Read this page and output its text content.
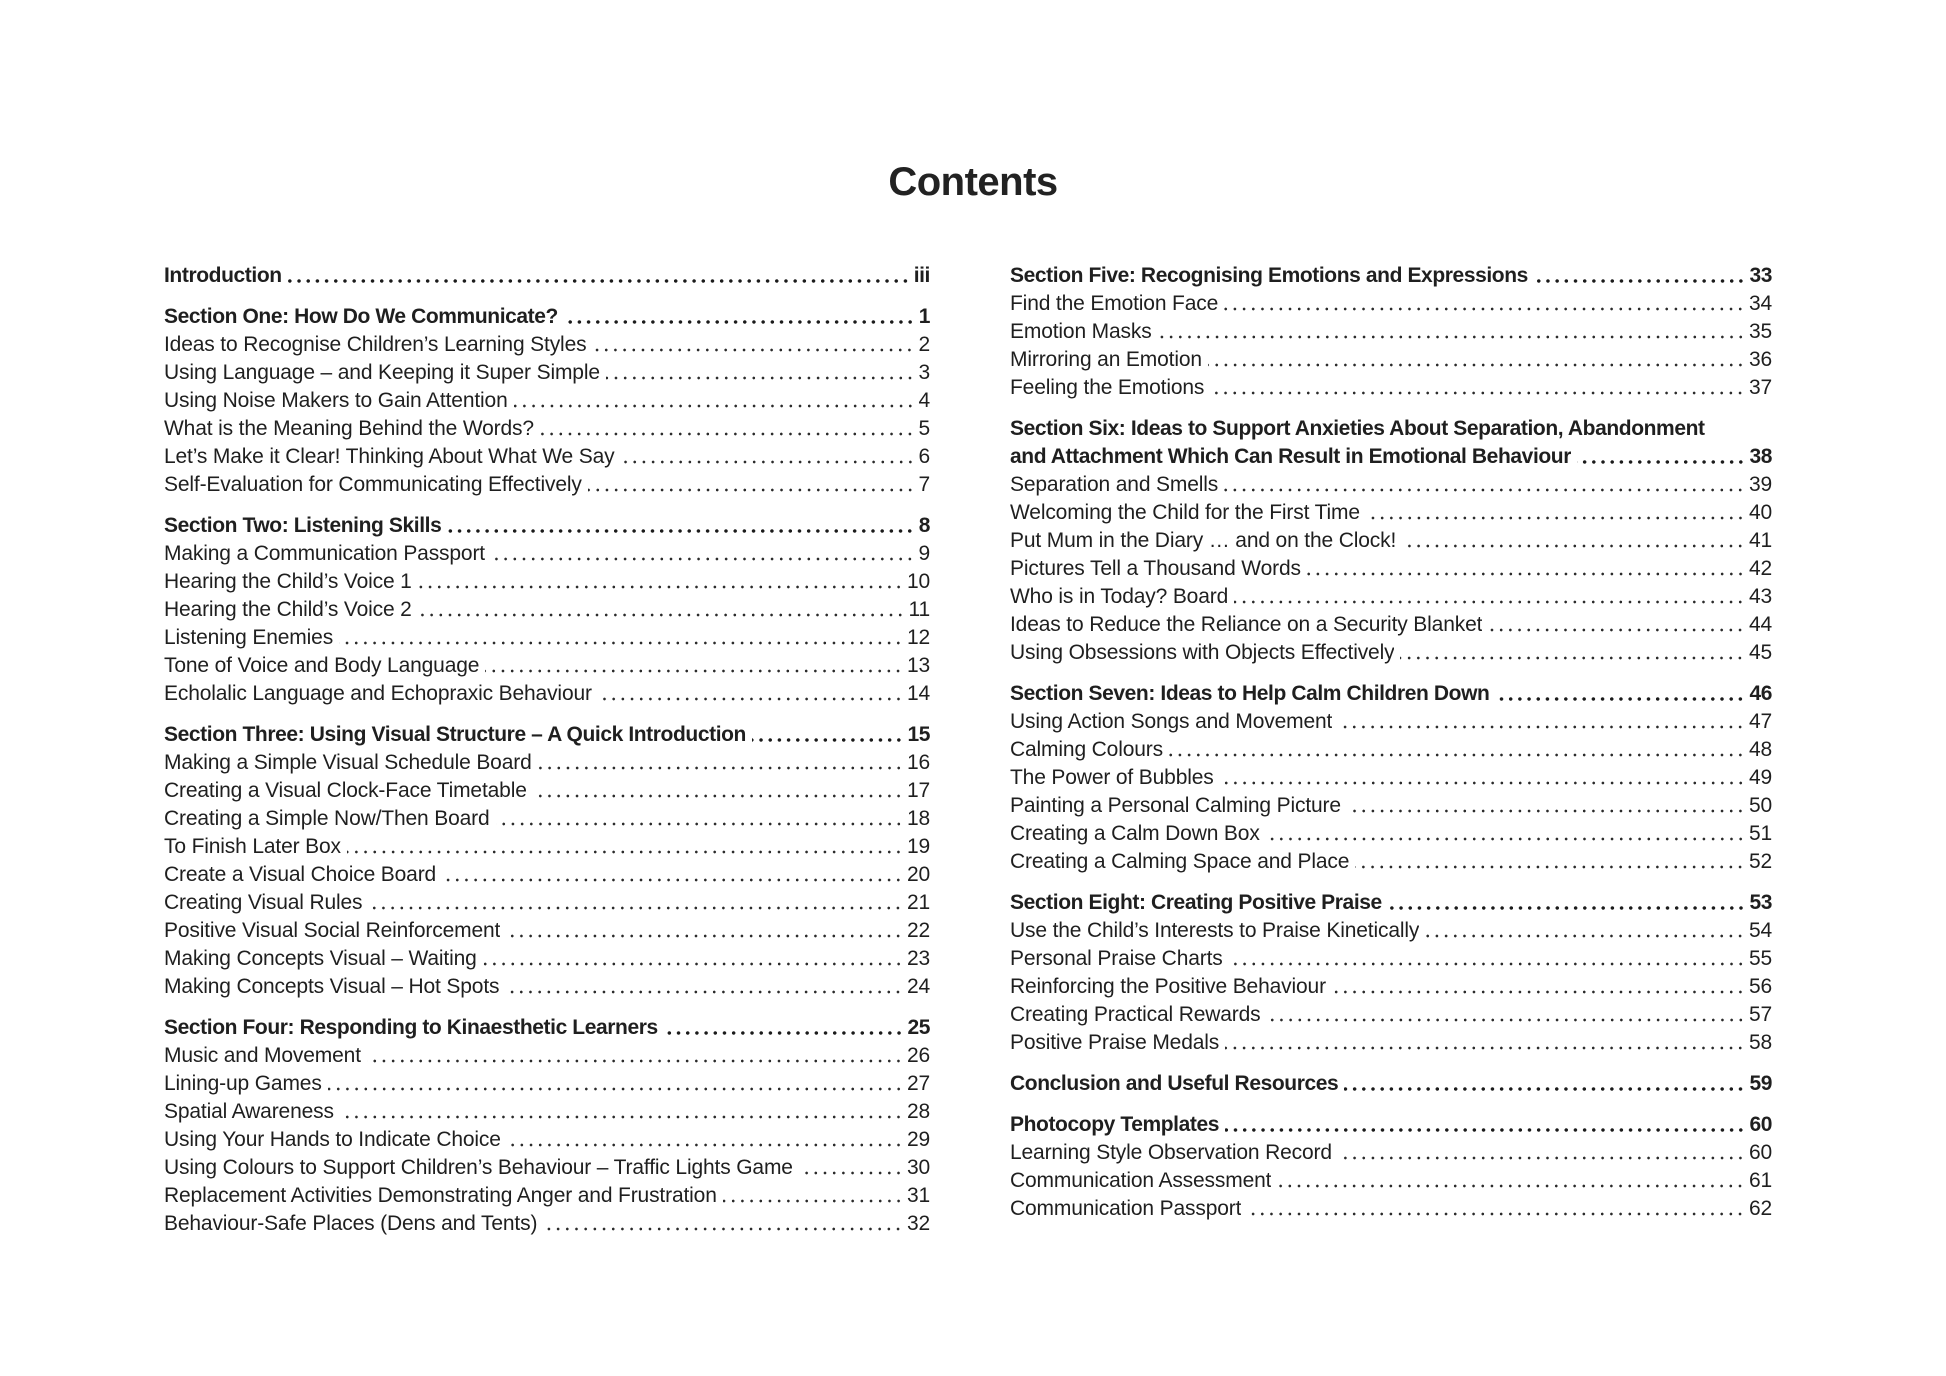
Contents
Introduction	iii
Section One: How Do We Communicate?	1
Ideas to Recognise Children’s Learning Styles	2
Using Language – and Keeping it Super Simple	3
Using Noise Makers to Gain Attention	4
What is the Meaning Behind the Words?	5
Let’s Make it Clear! Thinking About What We Say	6
Self-Evaluation for Communicating Effectively	7
Section Two: Listening Skills	8
Making a Communication Passport	9
Hearing the Child’s Voice 1	10
Hearing the Child’s Voice 2	11
Listening Enemies	12
Tone of Voice and Body Language	13
Echolalic Language and Echopraxic Behaviour	14
Section Three: Using Visual Structure – A Quick Introduction	15
Making a Simple Visual Schedule Board	16
Creating a Visual Clock-Face Timetable	17
Creating a Simple Now/Then Board	18
To Finish Later Box	19
Create a Visual Choice Board	20
Creating Visual Rules	21
Positive Visual Social Reinforcement	22
Making Concepts Visual – Waiting	23
Making Concepts Visual – Hot Spots	24
Section Four: Responding to Kinaesthetic Learners	25
Music and Movement	26
Lining-up Games	27
Spatial Awareness	28
Using Your Hands to Indicate Choice	29
Using Colours to Support Children’s Behaviour – Traffic Lights Game	30
Replacement Activities Demonstrating Anger and Frustration	31
Behaviour-Safe Places (Dens and Tents)	32
Section Five: Recognising Emotions and Expressions	33
Find the Emotion Face	34
Emotion Masks	35
Mirroring an Emotion	36
Feeling the Emotions	37
Section Six: Ideas to Support Anxieties About Separation, Abandonment
and Attachment Which Can Result in Emotional Behaviour	38
Separation and Smells	39
Welcoming the Child for the First Time	40
Put Mum in the Diary … and on the Clock!	41
Pictures Tell a Thousand Words	42
Who is in Today? Board	43
Ideas to Reduce the Reliance on a Security Blanket	44
Using Obsessions with Objects Effectively	45
Section Seven: Ideas to Help Calm Children Down	46
Using Action Songs and Movement	47
Calming Colours	48
The Power of Bubbles	49
Painting a Personal Calming Picture	50
Creating a Calm Down Box	51
Creating a Calming Space and Place	52
Section Eight: Creating Positive Praise	53
Use the Child’s Interests to Praise Kinetically	54
Personal Praise Charts	55
Reinforcing the Positive Behaviour	56
Creating Practical Rewards	57
Positive Praise Medals	58
Conclusion and Useful Resources	59
Photocopy Templates	60
Learning Style Observation Record	60
Communication Assessment	61
Communication Passport	62
